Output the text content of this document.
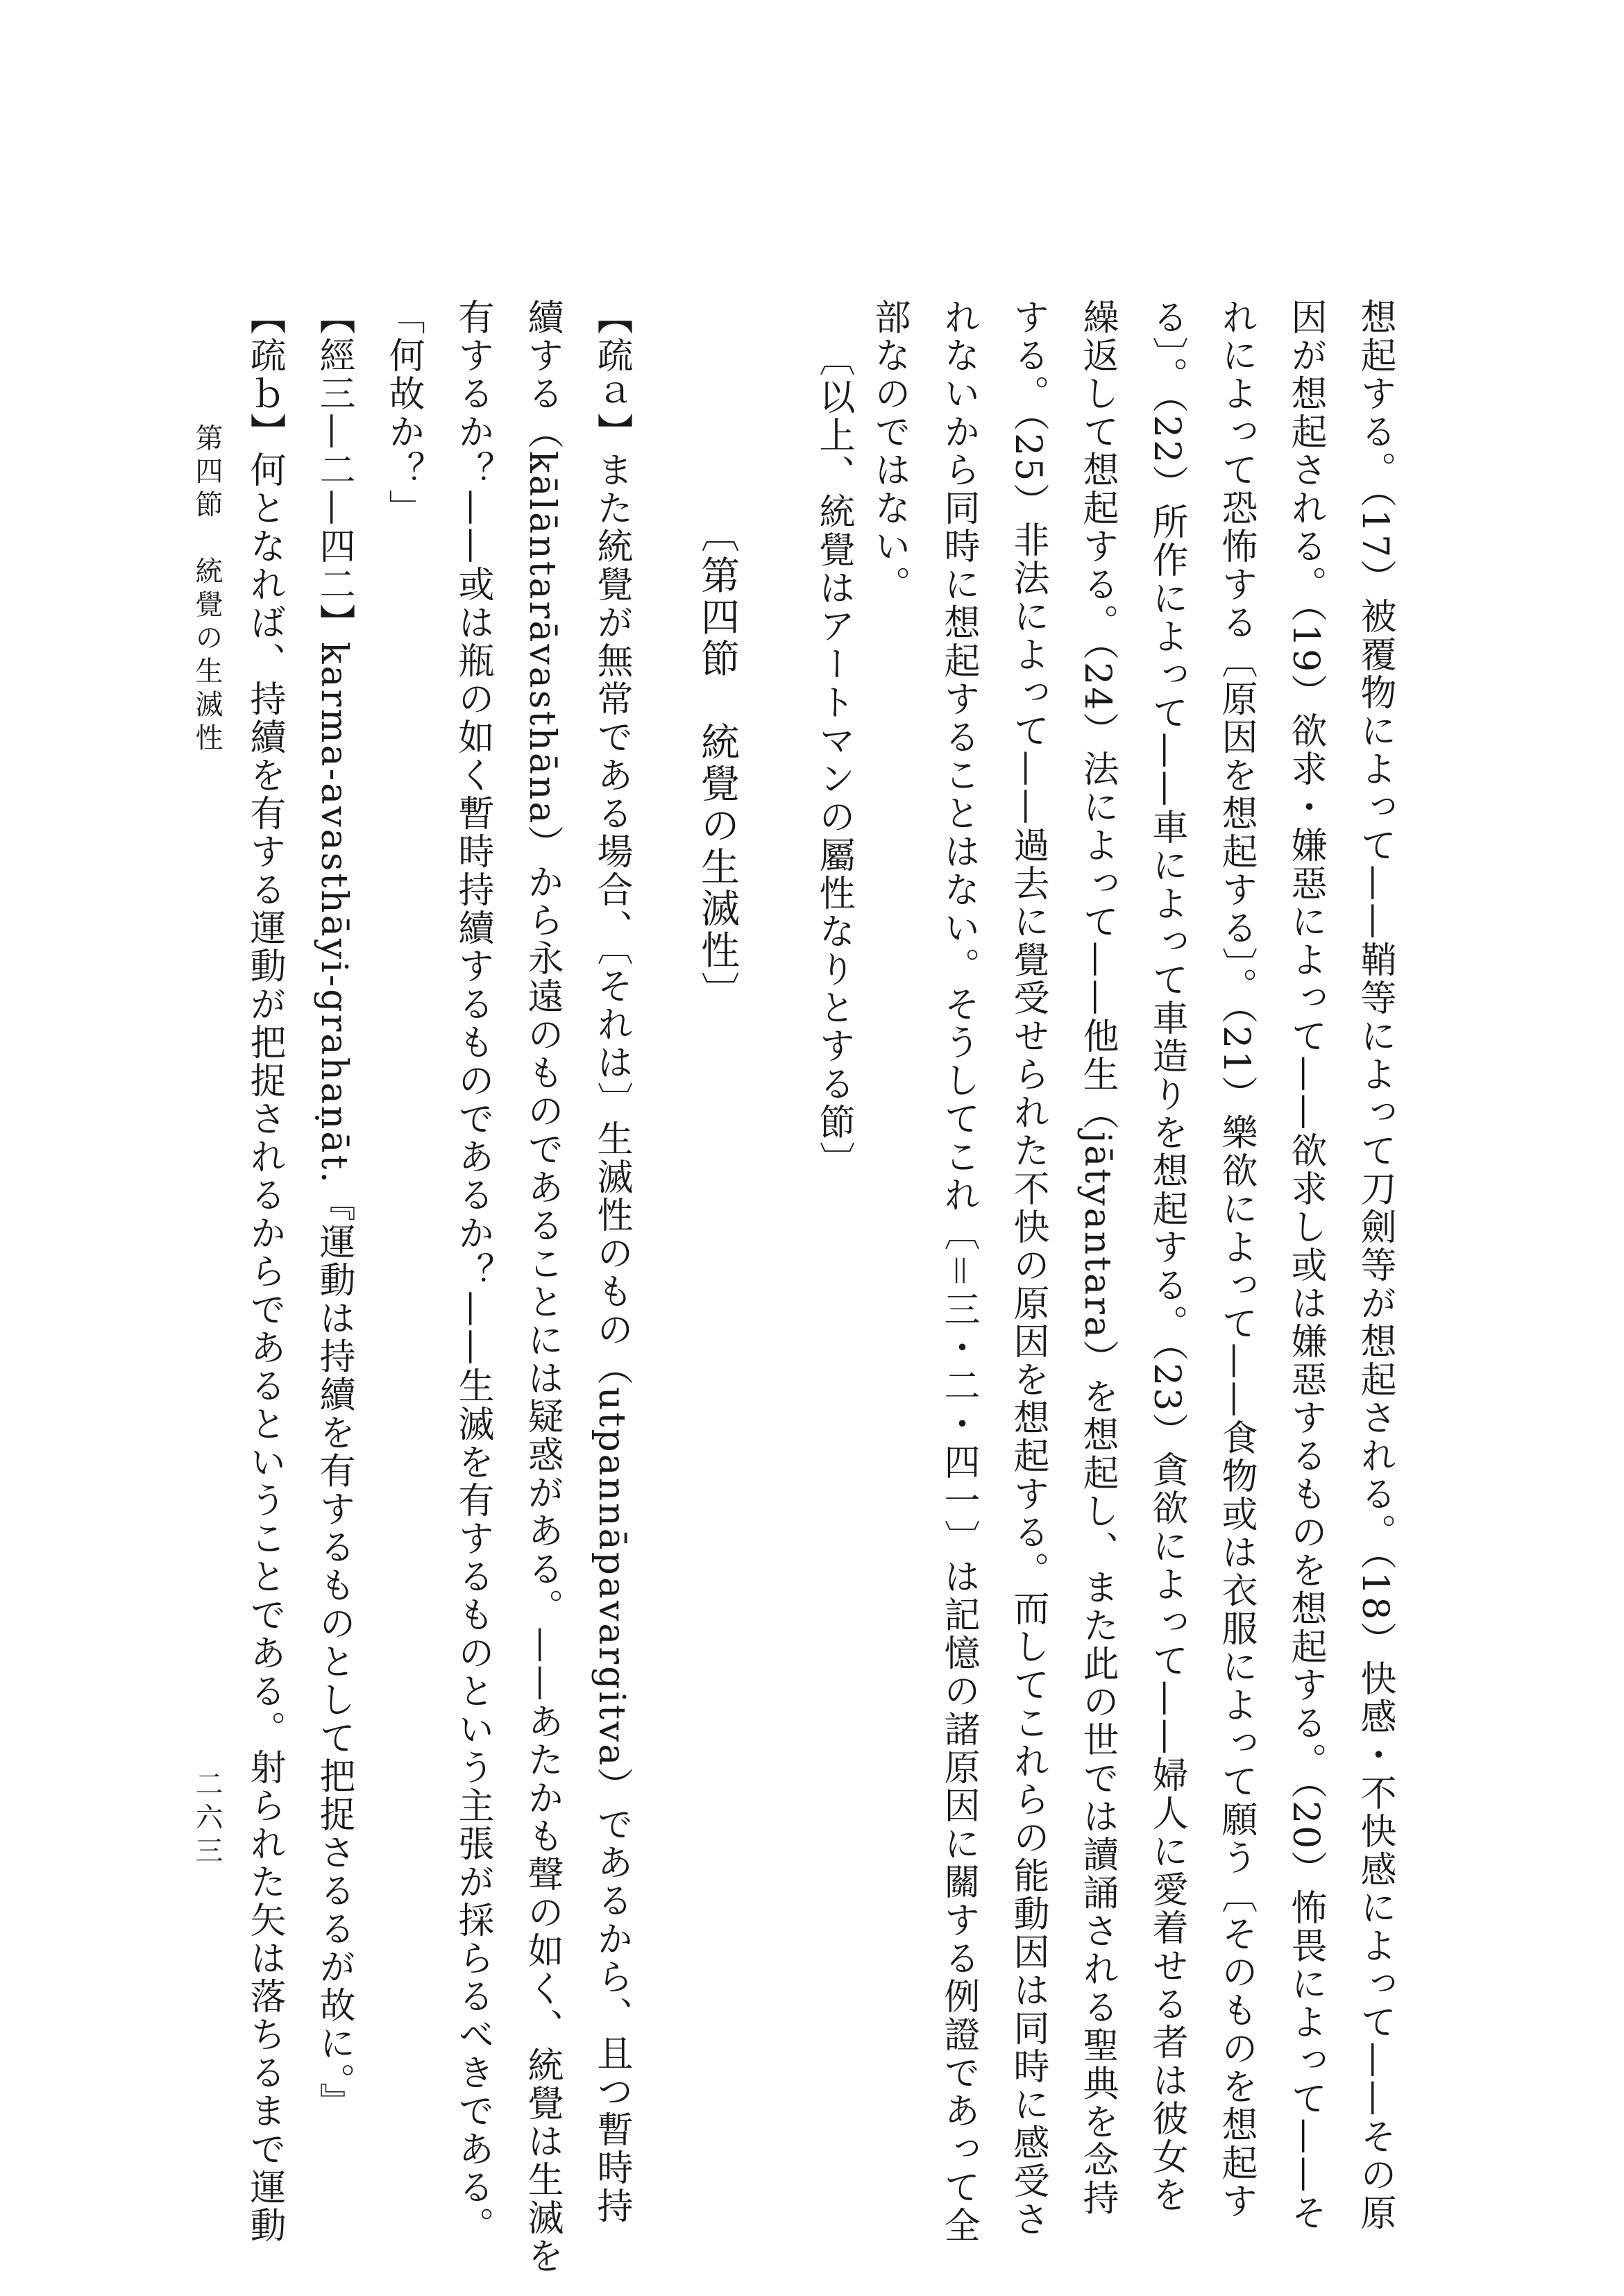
想起する。（17）被覆物によって——鞘等によって刀劍等が想起される。（18）快感・不快感によって——その原
因が想起される。（19）欲求・嫌惡によって——欲求し或は嫌惡するものを想起する。（20）怖畏によって——そ
れによって恐怖する〔原因を想起する〕。（21）樂欲によって——食物或は衣服によって願う〔そのものを想起す
る〕。（22）所作によって——車によって車造りを想起する。（23）貪欲によって——婦人に愛着せる者は彼女を
繰返して想起する。（24）法によって——他生（jātyantara）を想起し、また此の世では讀誦される聖典を念持
する。（25）非法によって——過去に覺受せられた不快の原因を想起する。而してこれらの能動因は同時に感受さ
れないから同時に想起することはない。そうしてこれ〔＝三・二・四一〕は記憶の諸原因に關する例證であって全
部なのではない。
〔以上、統覺はアートマンの屬性なりとする節〕
〔第四節　統覺の生滅性〕
【疏ａ】また統覺が無常である場合、〔それは〕生滅性のもの（utpannāpavargitva）であるから、且つ暫時持
續する（kālāntarāvasthāna）から永遠のものであることには疑惑がある。——あたかも聲の如く、統覺は生滅を
有するか？——或は瓶の如く暫時持續するものであるか？——生滅を有するものという主張が採らるべきである。
「何故か？」
【經三—二—四二】karma-avasthāyi-grahaṇāt.『運動は持續を有するものとして把捉さるるが故に。』
【疏ｂ】何となれば、持續を有する運動が把捉されるからであるということである。射られた矢は落ちるまで運動
第四節　統覺の生滅性
二六三
